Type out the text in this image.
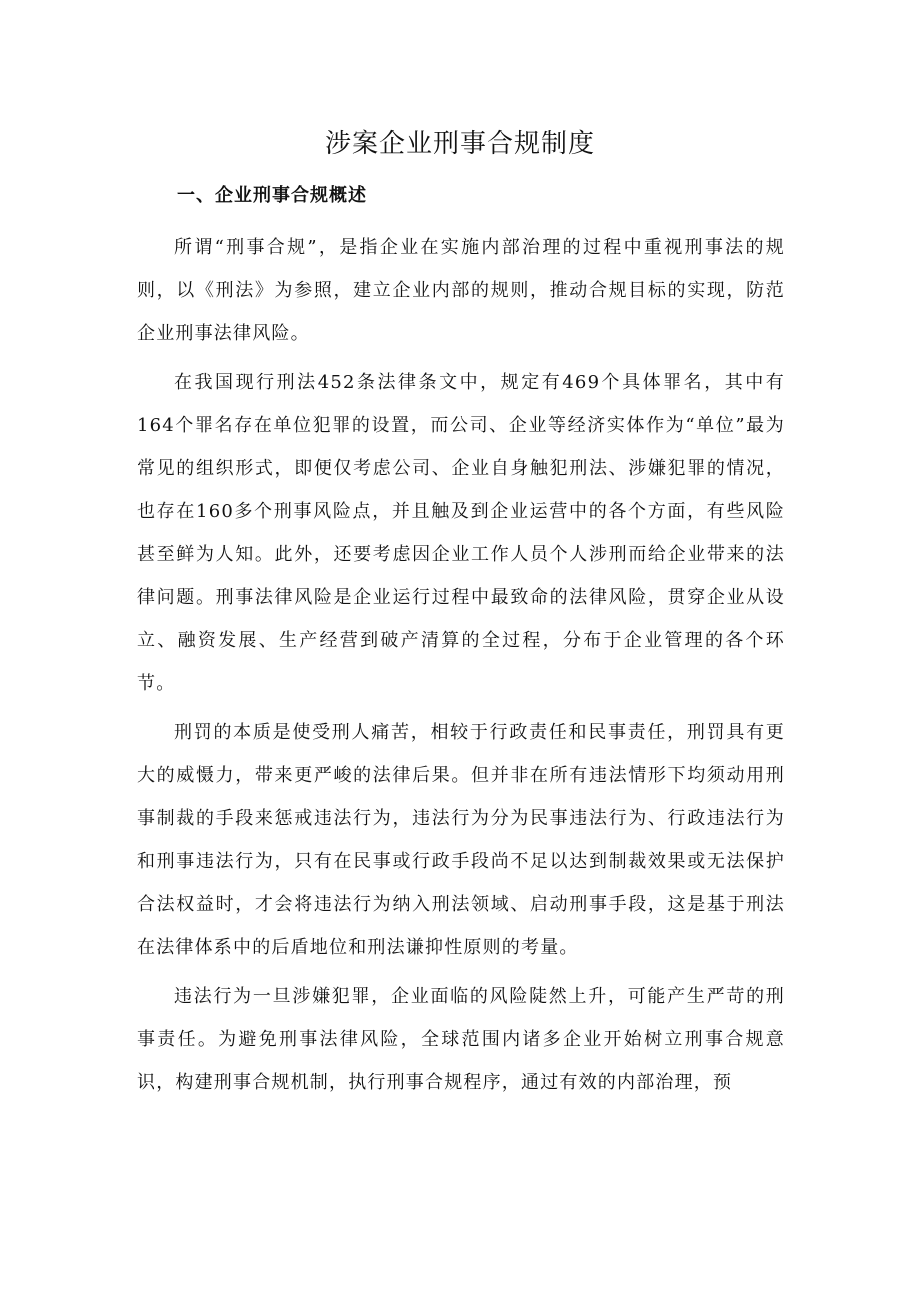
涉案企业刑事合规制度
一、企业刑事合规概述

所谓“刑事合规”，是指企业在实施内部治理的过程中重视刑事法的规则，以《刑法》为参照，建立企业内部的规则，推动合规目标的实现，防范企业刑事法律风险。

在我国现行刑法452条法律条文中，规定有469个具体罪名，其中有164个罪名存在单位犯罪的设置，而公司、企业等经济实体作为“单位”最为常见的组织形式，即便仅考虑公司、企业自身触犯刑法、涉嫌犯罪的情况，也存在160多个刑事风险点，并且触及到企业运营中的各个方面，有些风险甚至鲜为人知。此外，还要考虑因企业工作人员个人涉刑而给企业带来的法律问题。刑事法律风险是企业运行过程中最致命的法律风险，贯穿企业从设立、融资发展、生产经营到破产清算的全过程，分布于企业管理的各个环节。

刑罚的本质是使受刑人痛苦，相较于行政责任和民事责任，刑罚具有更大的威慑力，带来更严峻的法律后果。但并非在所有违法情形下均须动用刑事制裁的手段来惩戒违法行为，违法行为分为民事违法行为、行政违法行为和刑事违法行为，只有在民事或行政手段尚不足以达到制裁效果或无法保护合法权益时，才会将违法行为纳入刑法领域、启动刑事手段，这是基于刑法在法律体系中的后盾地位和刑法谦抑性原则的考量。

违法行为一旦涉嫌犯罪，企业面临的风险陡然上升，可能产生严苛的刑事责任。为避免刑事法律风险，全球范围内诸多企业开始树立刑事合规意识，构建刑事合规机制，执行刑事合规程序，通过有效的内部治理，预
